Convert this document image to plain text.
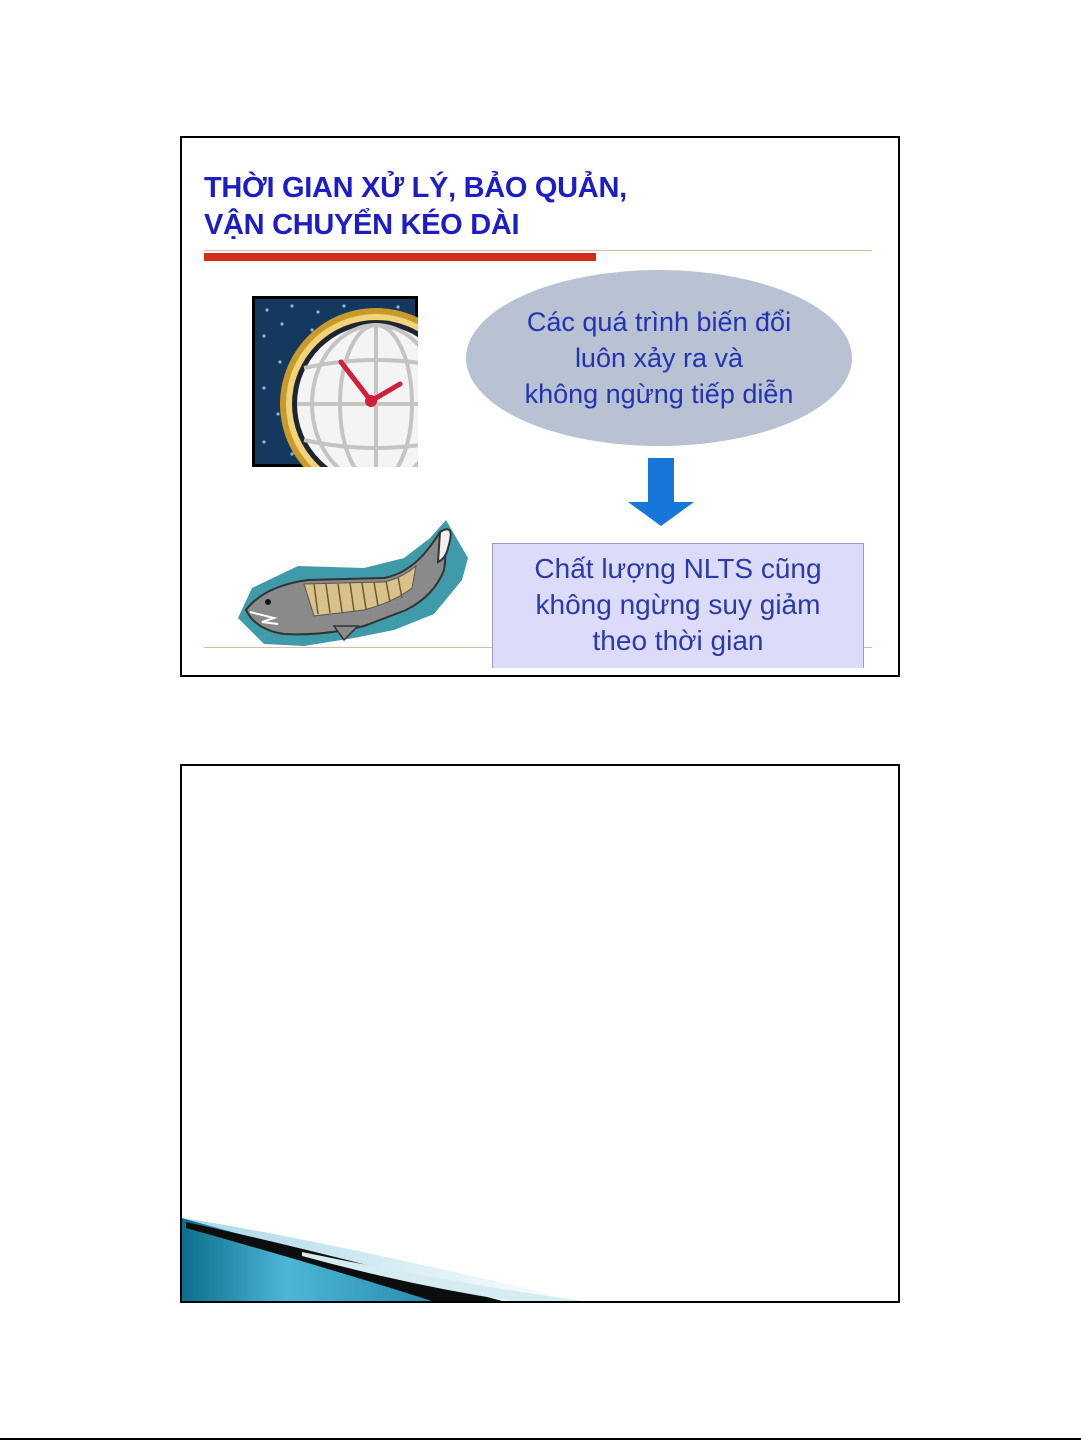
THỜI GIAN XỬ LÝ, BẢO QUẢN,
VẬN CHUYỂN KÉO DÀI
Các quá trình biến đổi
luôn xảy ra và
không ngừng tiếp diễn
Chất lượng NLTS cũng
không ngừng suy giảm
theo thời gian
